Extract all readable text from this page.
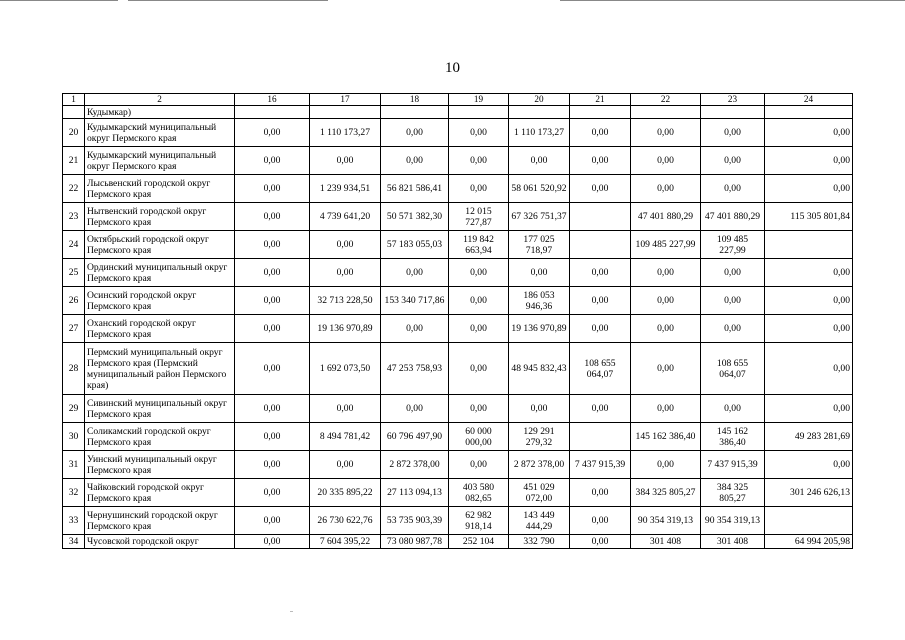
10
1	2	16	17	18	19	20	21	22	23	24
	Кудымкар)									
20	Кудымкарский муниципальный округ Пермского края	0,00	1 110 173,27	0,00	0,00	1 110 173,27	0,00	0,00	0,00	0,00
21	Кудымкарский муниципальный округ Пермского края	0,00	0,00	0,00	0,00	0,00	0,00	0,00	0,00	0,00
22	Лысьвенский городской округ Пермского края	0,00	1 239 934,51	56 821 586,41	0,00	58 061 520,92	0,00	0,00	0,00	0,00
23	Нытвенский городской округ Пермского края	0,00	4 739 641,20	50 571 382,30	12 015 727,87	67 326 751,37		47 401 880,29	47 401 880,29	115 305 801,84
24	Октябрьский городской округ Пермского края	0,00	0,00	57 183 055,03	119 842 663,94	177 025 718,97		109 485 227,99	109 485 227,99	
25	Ординский муниципальный округ Пермского края	0,00	0,00	0,00	0,00	0,00	0,00	0,00	0,00	0,00
26	Осинский городской округ Пермского края	0,00	32 713 228,50	153 340 717,86	0,00	186 053 946,36	0,00	0,00	0,00	0,00
27	Оханский городской округ Пермского края	0,00	19 136 970,89	0,00	0,00	19 136 970,89	0,00	0,00	0,00	0,00
28	Пермский муниципальный округ Пермского края (Пермский муниципальный район Пермского края)	0,00	1 692 073,50	47 253 758,93	0,00	48 945 832,43	108 655 064,07	0,00	108 655 064,07	0,00
29	Сивинский муниципальный округ Пермского края	0,00	0,00	0,00	0,00	0,00	0,00	0,00	0,00	0,00
30	Соликамский городской округ Пермского края	0,00	8 494 781,42	60 796 497,90	60 000 000,00	129 291 279,32		145 162 386,40	145 162 386,40	49 283 281,69
31	Уинский муниципальный округ Пермского края	0,00	0,00	2 872 378,00	0,00	2 872 378,00	7 437 915,39	0,00	7 437 915,39	0,00
32	Чайковский городской округ Пермского края	0,00	20 335 895,22	27 113 094,13	403 580 082,65	451 029 072,00	0,00	384 325 805,27	384 325 805,27	301 246 626,13
33	Чернушинский городской округ Пермского края	0,00	26 730 622,76	53 735 903,39	62 982 918,14	143 449 444,29	0,00	90 354 319,13	90 354 319,13	
34	Чусовской городской округ	0,00	7 604 395,22	73 080 987,78	252 104	332 790	0,00	301 408	301 408	64 994 205,98
